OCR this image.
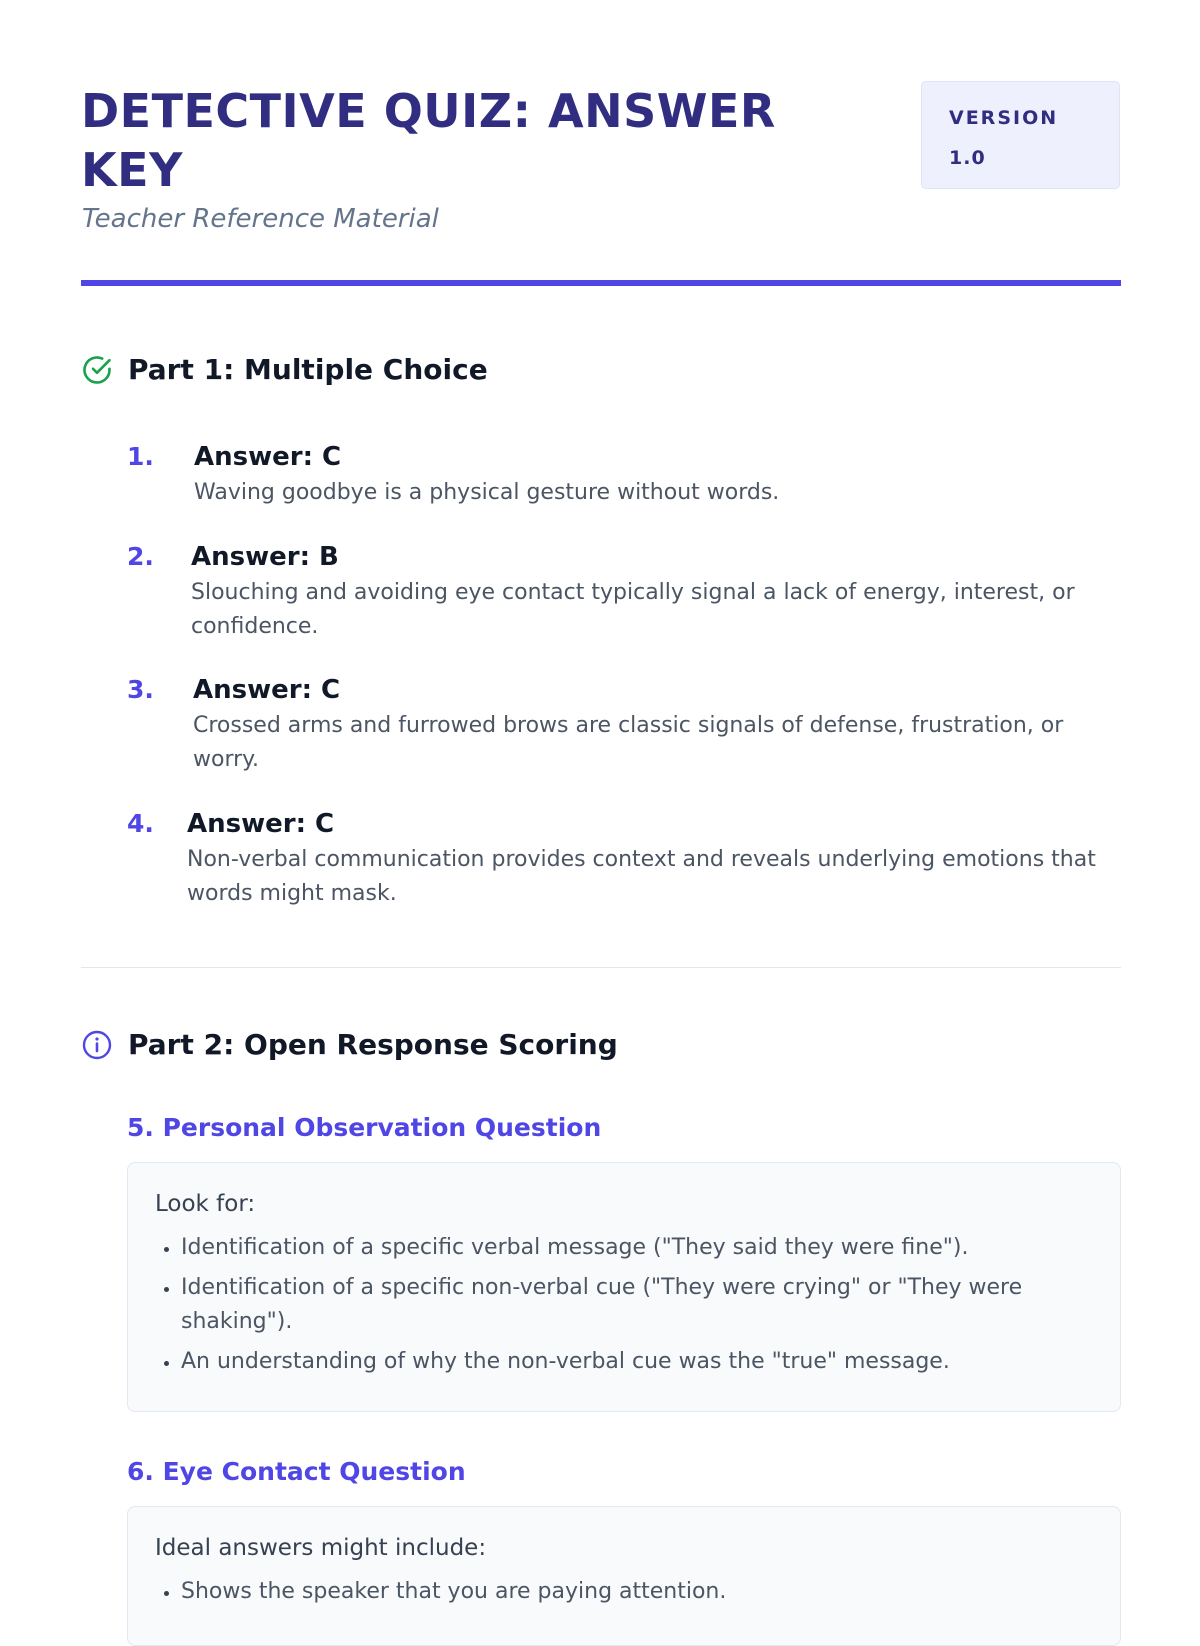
DETECTIVE QUIZ: ANSWER KEY
Teacher Reference Material
VERSION
1.0
Part 1: Multiple Choice
1.	Answer: C
Waving goodbye is a physical gesture without words.
2.	Answer: B
Slouching and avoiding eye contact typically signal a lack of energy, interest, or confidence.
3.	Answer: C
Crossed arms and furrowed brows are classic signals of defense, frustration, or worry.
4.	Answer: C
Non-verbal communication provides context and reveals underlying emotions that words might mask.
Part 2: Open Response Scoring
5. Personal Observation Question
Look for:
• Identification of a specific verbal message ("They said they were fine").
• Identification of a specific non-verbal cue ("They were crying" or "They were shaking").
• An understanding of why the non-verbal cue was the "true" message.
6. Eye Contact Question
Ideal answers might include:
• Shows the speaker that you are paying attention.
